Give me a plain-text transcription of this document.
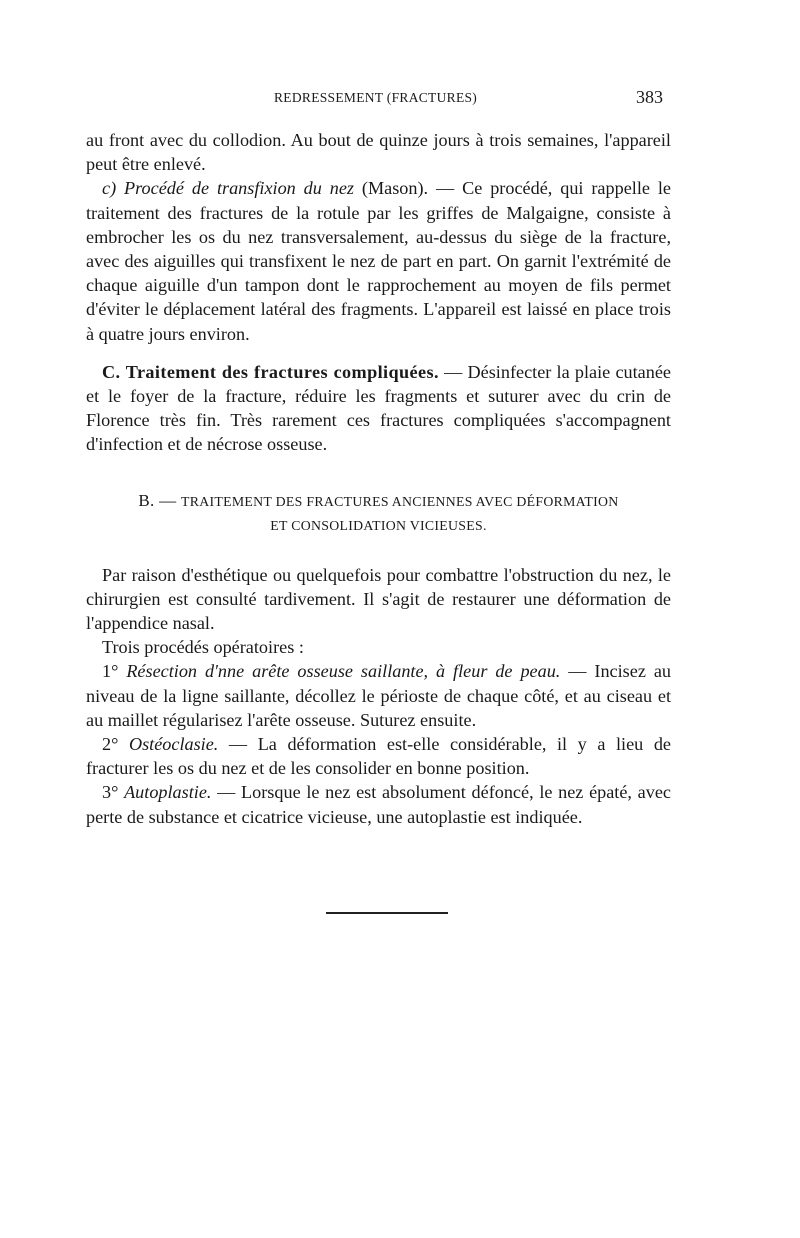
REDRESSEMENT (FRACTURES)	383

au front avec du collodion. Au bout de quinze jours à trois semaines, l'appareil peut être enlevé.

c) Procédé de transfixion du nez (Mason). — Ce procédé, qui rappelle le traitement des fractures de la rotule par les griffes de Malgaigne, consiste à embrocher les os du nez transversalement, au-dessus du siège de la fracture, avec des aiguilles qui transfixent le nez de part en part. On garnit l'extrémité de chaque aiguille d'un tampon dont le rapprochement au moyen de fils permet d'éviter le déplacement latéral des fragments. L'appareil est laissé en place trois à quatre jours environ.

C. Traitement des fractures compliquées. — Désinfecter la plaie cutanée et le foyer de la fracture, réduire les fragments et suturer avec du crin de Florence très fin. Très rarement ces fractures compliquées s'accompagnent d'infection et de nécrose osseuse.

B. — TRAITEMENT DES FRACTURES ANCIENNES AVEC DÉFORMATION
ET CONSOLIDATION VICIEUSES.

Par raison d'esthétique ou quelquefois pour combattre l'obstruction du nez, le chirurgien est consulté tardivement. Il s'agit de restaurer une déformation de l'appendice nasal.

Trois procédés opératoires :

1° Résection d'nne arête osseuse saillante, à fleur de peau. — Incisez au niveau de la ligne saillante, décollez le périoste de chaque côté, et au ciseau et au maillet régularisez l'arête osseuse. Suturez ensuite.

2° Ostéoclasie. — La déformation est-elle considérable, il y a lieu de fracturer les os du nez et de les consolider en bonne position.

3° Autoplastie. — Lorsque le nez est absolument défoncé, le nez épaté, avec perte de substance et cicatrice vicieuse, une autoplastie est indiquée.
